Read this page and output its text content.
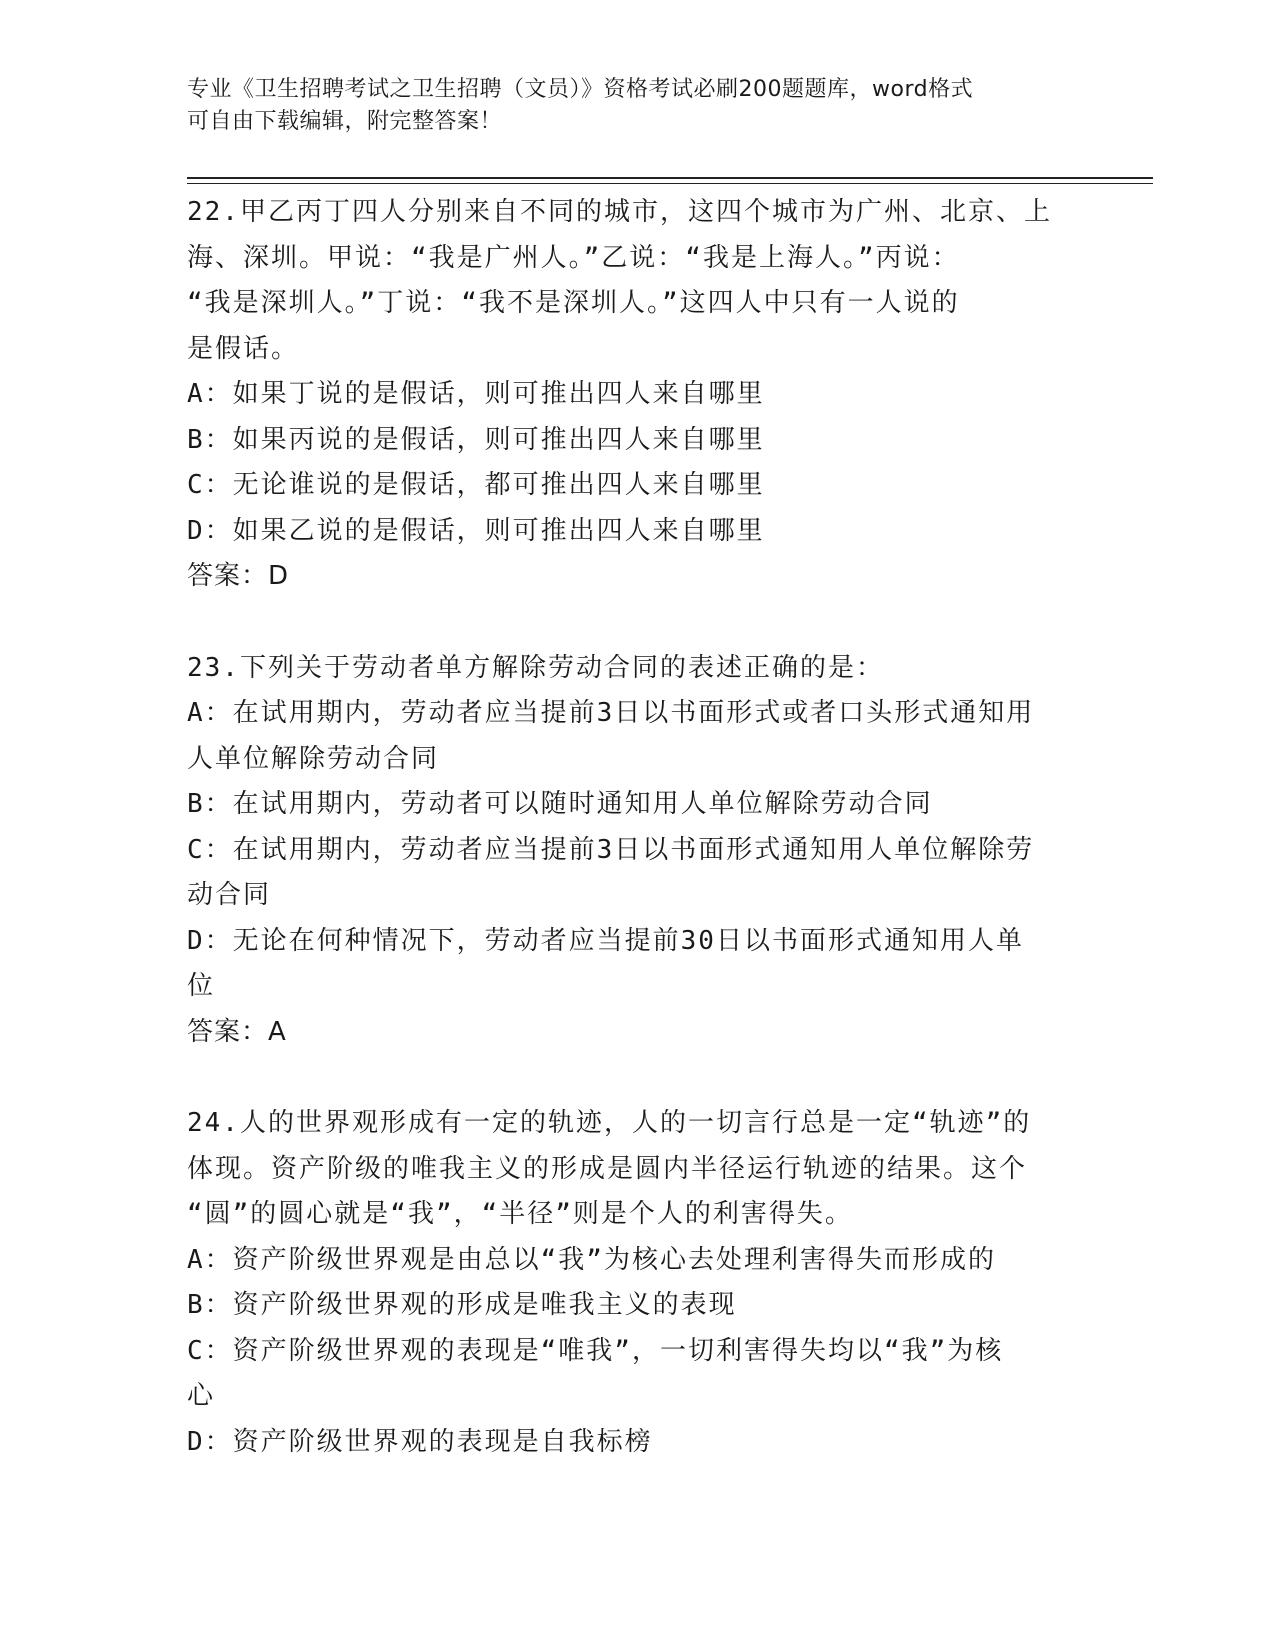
专业《卫生招聘考试之卫生招聘（文员）》资格考试必刷200题题库，word格式
可自由下载编辑，附完整答案！

22.甲乙丙丁四人分别来自不同的城市，这四个城市为广州、北京、上

海、深圳。甲说：“我是广州人。”乙说：“我是上海人。”丙说：

“我是深圳人。”丁说：“我不是深圳人。”这四人中只有一人说的

是假话。

A：如果丁说的是假话，则可推出四人来自哪里

B：如果丙说的是假话，则可推出四人来自哪里

C：无论谁说的是假话，都可推出四人来自哪里

D：如果乙说的是假话，则可推出四人来自哪里

答案：D

23.下列关于劳动者单方解除劳动合同的表述正确的是：

A：在试用期内，劳动者应当提前3日以书面形式或者口头形式通知用

人单位解除劳动合同

B：在试用期内，劳动者可以随时通知用人单位解除劳动合同

C：在试用期内，劳动者应当提前3日以书面形式通知用人单位解除劳

动合同

D：无论在何种情况下，劳动者应当提前30日以书面形式通知用人单

位

答案：A

24.人的世界观形成有一定的轨迹，人的一切言行总是一定“轨迹”的

体现。资产阶级的唯我主义的形成是圆内半径运行轨迹的结果。这个

“圆”的圆心就是“我”，“半径”则是个人的利害得失。

A：资产阶级世界观是由总以“我”为核心去处理利害得失而形成的

B：资产阶级世界观的形成是唯我主义的表现

C：资产阶级世界观的表现是“唯我”，一切利害得失均以“我”为核

心

D：资产阶级世界观的表现是自我标榜
